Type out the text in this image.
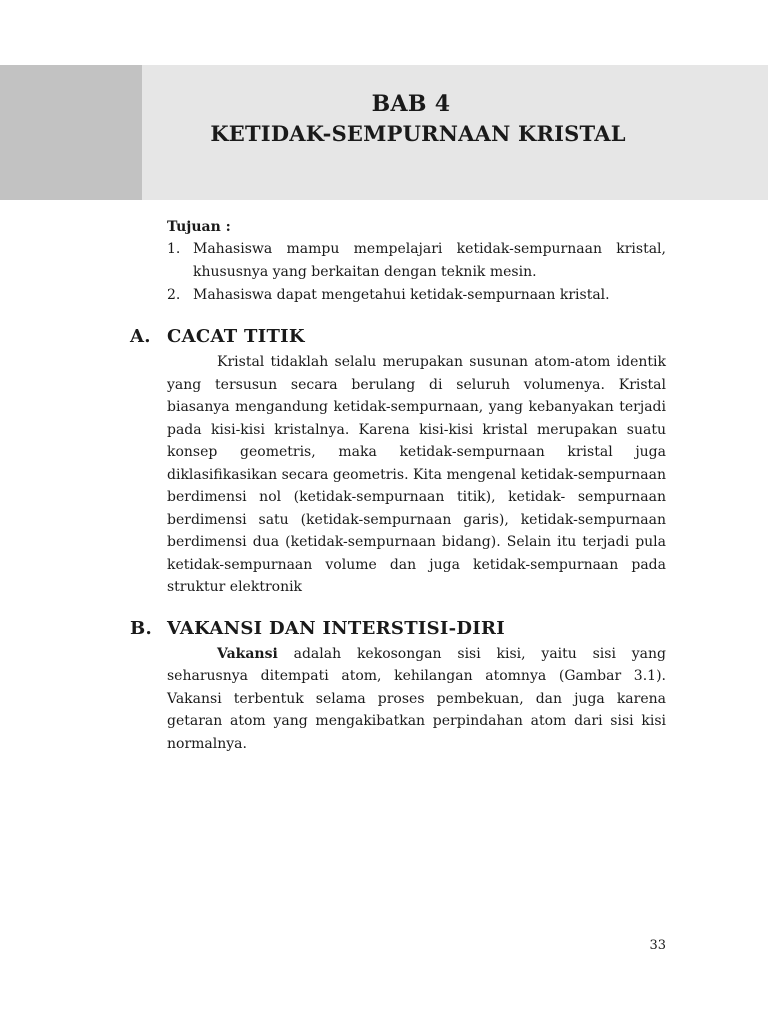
BAB 4
KETIDAK-SEMPURNAAN KRISTAL
Tujuan :
1. Mahasiswa mampu mempelajari ketidak-sempurnaan kristal, khususnya yang berkaitan dengan teknik mesin.
2. Mahasiswa dapat mengetahui ketidak-sempurnaan kristal.
A. CACAT TITIK

Kristal tidaklah selalu merupakan susunan atom-atom identik yang tersusun secara berulang di seluruh volumenya. Kristal biasanya mengandung ketidak-sempurnaan, yang kebanyakan terjadi pada kisi-kisi kristalnya. Karena kisi-kisi kristal merupakan suatu konsep geometris, maka ketidak-sempurnaan kristal juga diklasifikasikan secara geometris. Kita mengenal ketidak-sempurnaan berdimensi nol (ketidak-sempurnaan titik), ketidak- sempurnaan berdimensi satu (ketidak-sempurnaan garis), ketidak-sempurnaan berdimensi dua (ketidak-sempurnaan bidang). Selain itu terjadi pula ketidak-sempurnaan volume dan juga ketidak-sempurnaan pada struktur elektronik

B. VAKANSI DAN INTERSTISI-DIRI

Vakansi adalah kekosongan sisi kisi, yaitu sisi yang seharusnya ditempati atom, kehilangan atomnya (Gambar 3.1). Vakansi terbentuk selama proses pembekuan, dan juga karena getaran atom yang mengakibatkan perpindahan atom dari sisi kisi normalnya.

33
